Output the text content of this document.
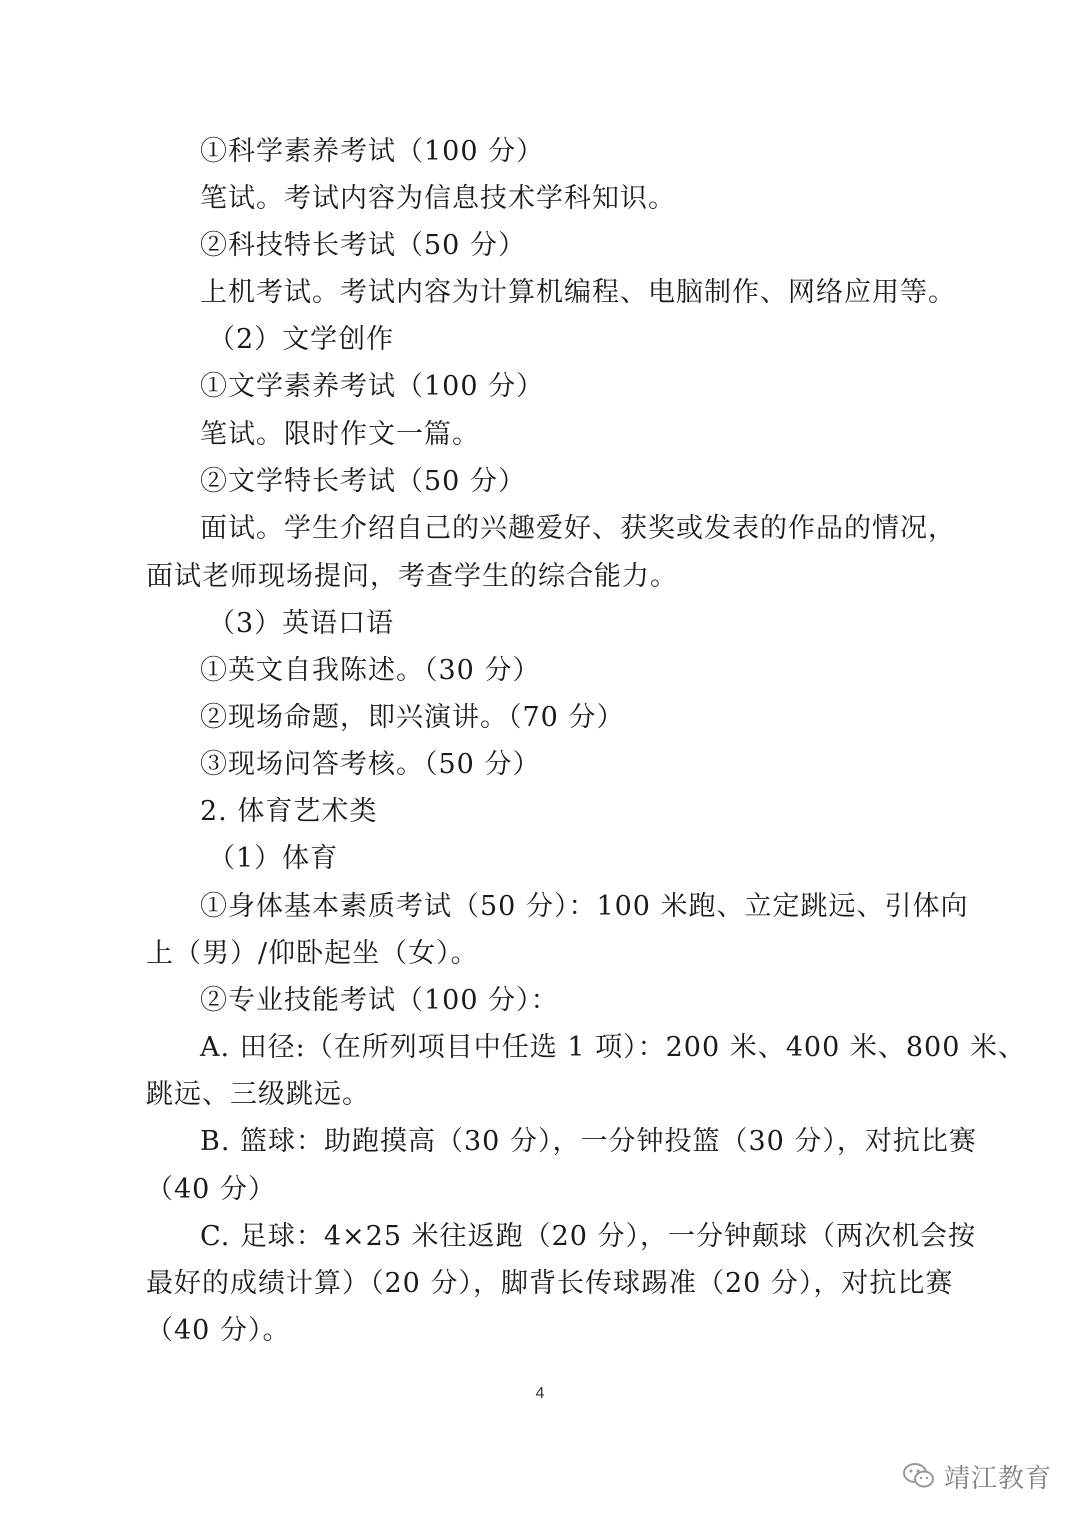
①科学素养考试（100 分）
笔试。考试内容为信息技术学科知识。
②科技特长考试（50 分）
上机考试。考试内容为计算机编程、电脑制作、网络应用等。
（2）文学创作
①文学素养考试（100 分）
笔试。限时作文一篇。
②文学特长考试（50 分）
面试。学生介绍自己的兴趣爱好、获奖或发表的作品的情况，
面试老师现场提问，考查学生的综合能力。
（3）英语口语
①英文自我陈述。（30 分）
②现场命题，即兴演讲。（70 分）
③现场问答考核。（50 分）
2. 体育艺术类
（1）体育
①身体基本素质考试（50 分）：100 米跑、立定跳远、引体向
上（男）/仰卧起坐（女）。
②专业技能考试（100 分）：
A. 田径:（在所列项目中任选 1 项）：200 米、400 米、800 米、
跳远、三级跳远。
B. 篮球：助跑摸高（30 分），一分钟投篮（30 分），对抗比赛
（40 分）
C. 足球：4×25 米往返跑（20 分），一分钟颠球（两次机会按
最好的成绩计算）（20 分），脚背长传球踢准（20 分），对抗比赛
（40 分）。
4
靖江教育
